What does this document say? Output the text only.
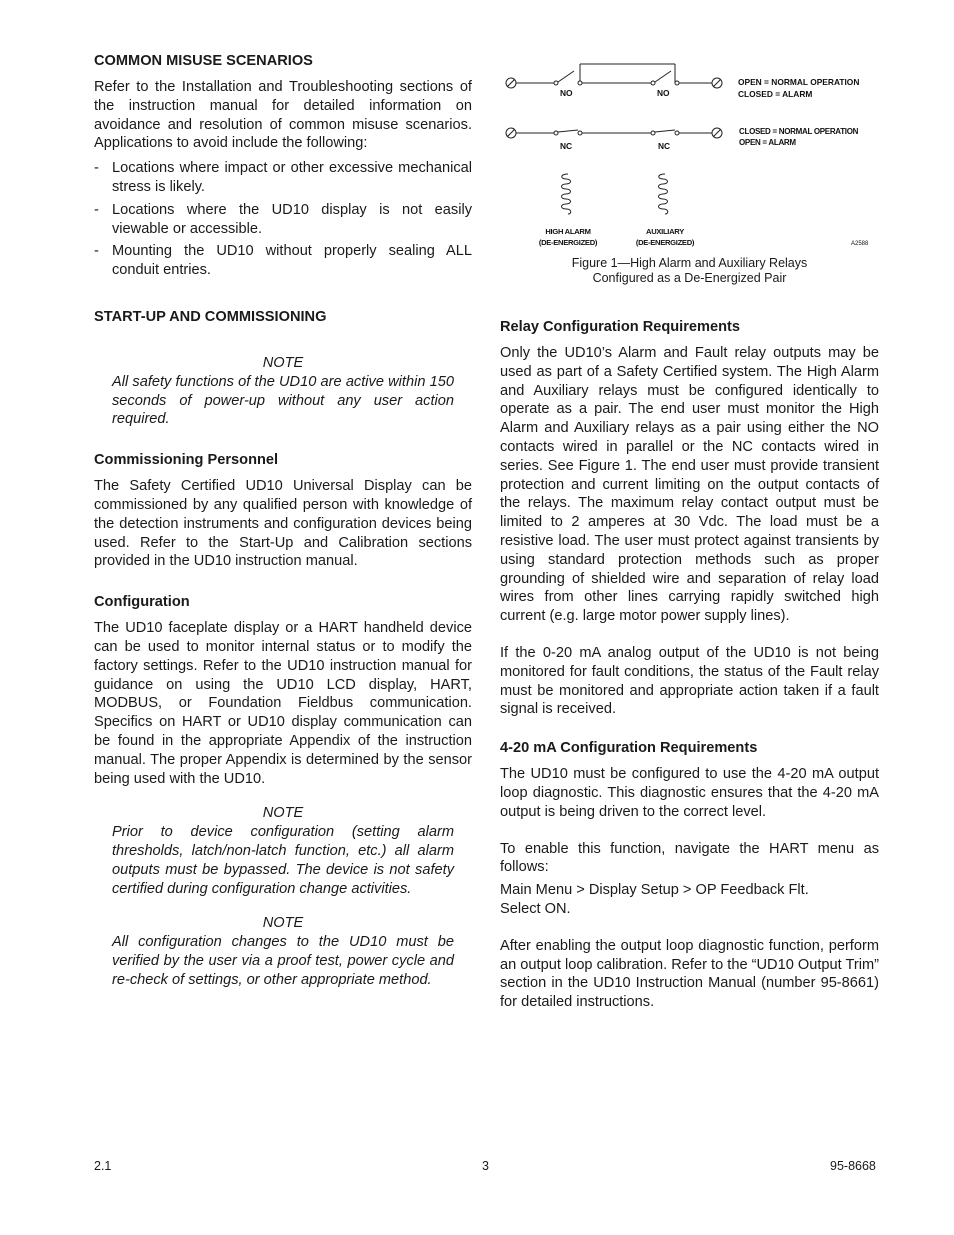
COMMON MISUSE SCENARIOS

Refer to the Installation and Troubleshooting sections of the instruction manual for detailed information on avoidance and resolution of common misuse scenarios. Applications to avoid include the following:

- Locations where impact or other excessive mechanical stress is likely.
- Locations where the UD10 display is not easily viewable or accessible.
- Mounting the UD10 without properly sealing ALL conduit entries.
START-UP AND COMMISSIONING
NOTE

All safety functions of the UD10 are active within 150 seconds of power-up without any user action required.

Commissioning Personnel

The Safety Certified UD10 Universal Display can be commissioned by any qualified person with knowledge of the detection instruments and configuration devices being used. Refer to the Start-Up and Calibration sections provided in the UD10 instruction manual.

Configuration

The UD10 faceplate display or a HART handheld device can be used to monitor internal status or to modify the factory settings. Refer to the UD10 instruction manual for guidance on using the UD10 LCD display, HART, MODBUS, or Foundation Fieldbus communication. Specifics on HART or UD10 display communication can be found in the appropriate Appendix of the instruction manual. The proper Appendix is determined by the sensor being used with the UD10.

NOTE

Prior to device configuration (setting alarm thresholds, latch/non-latch function, etc.) all alarm outputs must be bypassed. The device is not safety certified during configuration change activities.

NOTE

All configuration changes to the UD10 must be verified by the user via a proof test, power cycle and re-check of settings, or other appropriate method.

NO	NO
NC	NC
OPEN = NORMAL OPERATION
CLOSED = ALARM
CLOSED = NORMAL OPERATION
OPEN = ALARM
HIGH ALARM
(DE-ENERGIZED)
AUXILIARY
(DE-ENERGIZED)	A2588
Figure 1—High Alarm and Auxiliary Relays
Configured as a De-Energized Pair
Relay Configuration Requirements

Only the UD10’s Alarm and Fault relay outputs may be used as part of a Safety Certified system. The High Alarm and Auxiliary relays must be configured identically to operate as a pair. The end user must monitor the High Alarm and Auxiliary relays as a pair using either the NO contacts wired in parallel or the NC contacts wired in series. See Figure 1. The end user must provide transient protection and current limiting on the output contacts of the relays. The maximum relay contact output must be limited to 2 amperes at 30 Vdc. The load must be a resistive load. The user must protect against transients by using standard protection methods such as proper grounding of shielded wire and separation of relay load wires from other lines carrying rapidly switched high current (e.g. large motor power supply lines).

If the 0-20 mA analog output of the UD10 is not being monitored for fault conditions, the status of the Fault relay must be monitored and appropriate action taken if a fault signal is received.

4-20 mA Configuration Requirements

The UD10 must be configured to use the 4-20 mA output loop diagnostic. This diagnostic ensures that the 4-20 mA output is being driven to the correct level.

To enable this function, navigate the HART menu as follows:

Main Menu > Display Setup > OP Feedback Flt.

Select ON.

After enabling the output loop diagnostic function, perform an output loop calibration. Refer to the “UD10 Output Trim” section in the UD10 Instruction Manual (number 95-8661) for detailed instructions.

2.1	3	95-8668
